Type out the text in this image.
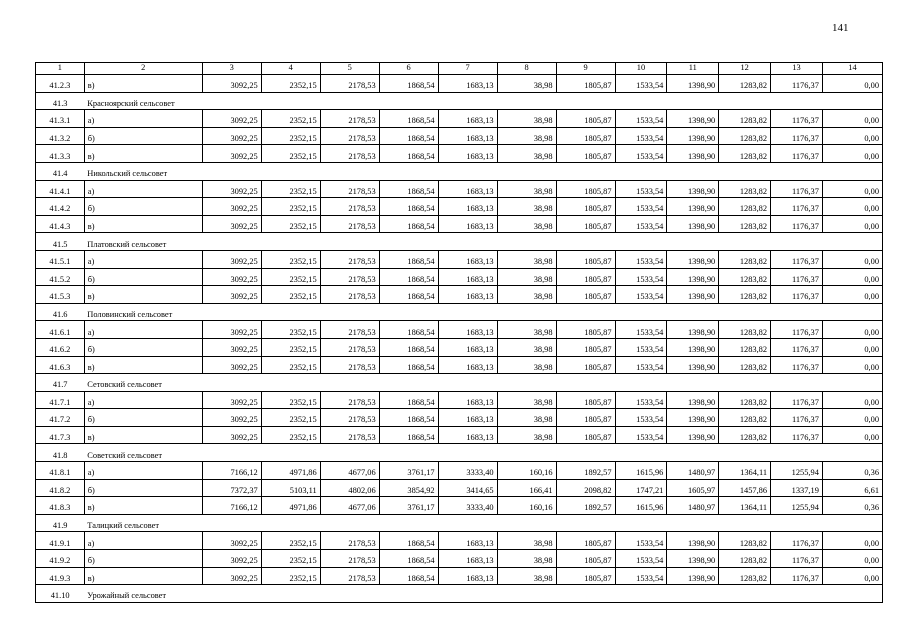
141
1	2	3	4	5	6	7	8	9	10	11	12	13	14
41.2.3	в)	3092,25	2352,15	2178,53	1868,54	1683,13	38,98	1805,87	1533,54	1398,90	1283,82	1176,37	0,00
41.3	Красноярский сельсовет												
41.3.1	а)	3092,25	2352,15	2178,53	1868,54	1683,13	38,98	1805,87	1533,54	1398,90	1283,82	1176,37	0,00
41.3.2	б)	3092,25	2352,15	2178,53	1868,54	1683,13	38,98	1805,87	1533,54	1398,90	1283,82	1176,37	0,00
41.3.3	в)	3092,25	2352,15	2178,53	1868,54	1683,13	38,98	1805,87	1533,54	1398,90	1283,82	1176,37	0,00
41.4	Никольский сельсовет												
41.4.1	а)	3092,25	2352,15	2178,53	1868,54	1683,13	38,98	1805,87	1533,54	1398,90	1283,82	1176,37	0,00
41.4.2	б)	3092,25	2352,15	2178,53	1868,54	1683,13	38,98	1805,87	1533,54	1398,90	1283,82	1176,37	0,00
41.4.3	в)	3092,25	2352,15	2178,53	1868,54	1683,13	38,98	1805,87	1533,54	1398,90	1283,82	1176,37	0,00
41.5	Платовский сельсовет												
41.5.1	а)	3092,25	2352,15	2178,53	1868,54	1683,13	38,98	1805,87	1533,54	1398,90	1283,82	1176,37	0,00
41.5.2	б)	3092,25	2352,15	2178,53	1868,54	1683,13	38,98	1805,87	1533,54	1398,90	1283,82	1176,37	0,00
41.5.3	в)	3092,25	2352,15	2178,53	1868,54	1683,13	38,98	1805,87	1533,54	1398,90	1283,82	1176,37	0,00
41.6	Половинский сельсовет												
41.6.1	а)	3092,25	2352,15	2178,53	1868,54	1683,13	38,98	1805,87	1533,54	1398,90	1283,82	1176,37	0,00
41.6.2	б)	3092,25	2352,15	2178,53	1868,54	1683,13	38,98	1805,87	1533,54	1398,90	1283,82	1176,37	0,00
41.6.3	в)	3092,25	2352,15	2178,53	1868,54	1683,13	38,98	1805,87	1533,54	1398,90	1283,82	1176,37	0,00
41.7	Сетовский сельсовет												
41.7.1	а)	3092,25	2352,15	2178,53	1868,54	1683,13	38,98	1805,87	1533,54	1398,90	1283,82	1176,37	0,00
41.7.2	б)	3092,25	2352,15	2178,53	1868,54	1683,13	38,98	1805,87	1533,54	1398,90	1283,82	1176,37	0,00
41.7.3	в)	3092,25	2352,15	2178,53	1868,54	1683,13	38,98	1805,87	1533,54	1398,90	1283,82	1176,37	0,00
41.8	Советский сельсовет												
41.8.1	а)	7166,12	4971,86	4677,06	3761,17	3333,40	160,16	1892,57	1615,96	1480,97	1364,11	1255,94	0,36
41.8.2	б)	7372,37	5103,11	4802,06	3854,92	3414,65	166,41	2098,82	1747,21	1605,97	1457,86	1337,19	6,61
41.8.3	в)	7166,12	4971,86	4677,06	3761,17	3333,40	160,16	1892,57	1615,96	1480,97	1364,11	1255,94	0,36
41.9	Талицкий сельсовет												
41.9.1	а)	3092,25	2352,15	2178,53	1868,54	1683,13	38,98	1805,87	1533,54	1398,90	1283,82	1176,37	0,00
41.9.2	б)	3092,25	2352,15	2178,53	1868,54	1683,13	38,98	1805,87	1533,54	1398,90	1283,82	1176,37	0,00
41.9.3	в)	3092,25	2352,15	2178,53	1868,54	1683,13	38,98	1805,87	1533,54	1398,90	1283,82	1176,37	0,00
41.10	Урожайный сельсовет												
